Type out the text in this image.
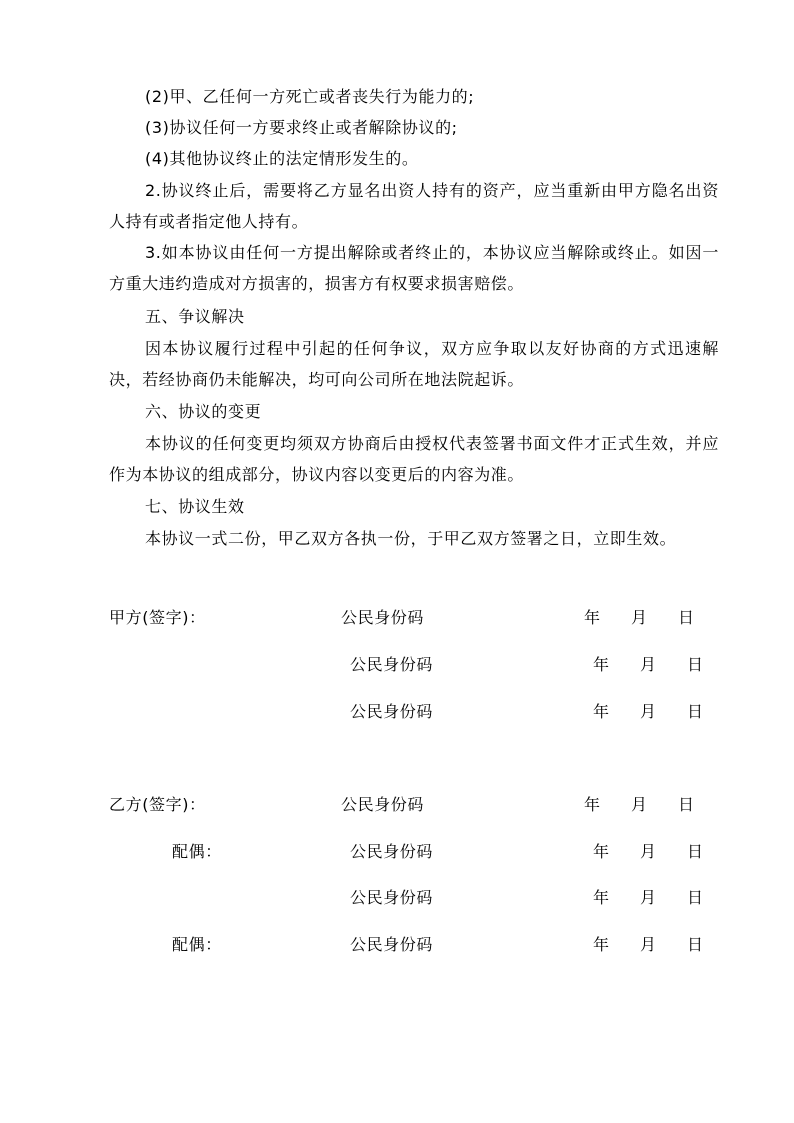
(2)甲、乙任何一方死亡或者丧失行为能力的;

(3)协议任何一方要求终止或者解除协议的;

(4)其他协议终止的法定情形发生的。

2.协议终止后，需要将乙方显名出资人持有的资产，应当重新由甲方隐名出资人持有或者指定他人持有。

3.如本协议由任何一方提出解除或者终止的，本协议应当解除或终止。如因一方重大违约造成对方损害的，损害方有权要求损害赔偿。

五、争议解决

因本协议履行过程中引起的任何争议，双方应争取以友好协商的方式迅速解决，若经协商仍未能解决，均可向公司所在地法院起诉。

六、协议的变更

本协议的任何变更均须双方协商后由授权代表签署书面文件才正式生效，并应作为本协议的组成部分，协议内容以变更后的内容为准。

七、协议生效

本协议一式二份，甲乙双方各执一份，于甲乙双方签署之日，立即生效。

甲方(签字)：	公民身份码	年 月 日
公民身份码	年 月 日
公民身份码	年 月 日
乙方(签字)：	公民身份码	年 月 日
配偶：	公民身份码	年 月 日
公民身份码	年 月 日
配偶：	公民身份码	年 月 日
